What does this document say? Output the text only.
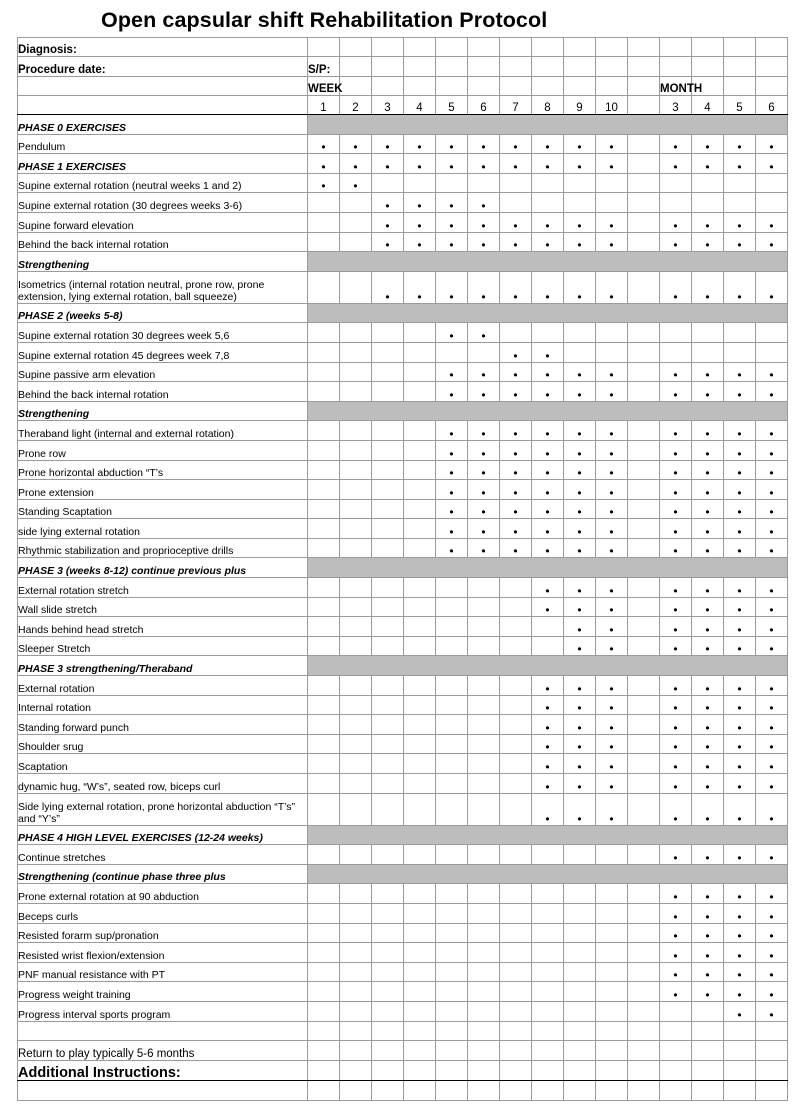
Open capsular shift Rehabilitation Protocol
Diagnosis:															
Procedure date:	S/P:														
	WEEK											MONTH			
	1	2	3	4	5	6	7	8	9	10		3	4	5	6
PHASE 0 EXERCISES															
Pendulum	•	•	•	•	•	•	•	•	•	•		•	•	•	•
PHASE 1 EXERCISES	•	•	•	•	•	•	•	•	•	•		•	•	•	•
Supine external rotation (neutral weeks 1 and 2)	•	•													
Supine external rotation (30 degrees weeks 3-6)			•	•	•	•									
Supine forward elevation			•	•	•	•	•	•	•	•		•	•	•	•
Behind the back internal rotation			•	•	•	•	•	•	•	•		•	•	•	•
Strengthening															
Isometrics (internal rotation neutral, prone row, prone extension, lying external rotation, ball squeeze)			•	•	•	•	•	•	•	•		•	•	•	•
PHASE 2 (weeks 5-8)															
Supine external rotation 30 degrees week 5,6					•	•									
Supine external rotation 45 degrees week 7,8							•	•							
Supine passive arm elevation					•	•	•	•	•	•		•	•	•	•
Behind the back internal rotation					•	•	•	•	•	•		•	•	•	•
Strengthening															
Theraband light (internal and external rotation)					•	•	•	•	•	•		•	•	•	•
Prone row					•	•	•	•	•	•		•	•	•	•
Prone horizontal abduction “T’s					•	•	•	•	•	•		•	•	•	•
Prone extension					•	•	•	•	•	•		•	•	•	•
Standing Scaptation					•	•	•	•	•	•		•	•	•	•
side lying external rotation					•	•	•	•	•	•		•	•	•	•
Rhythmic stabilization and proprioceptive drills					•	•	•	•	•	•		•	•	•	•
PHASE 3 (weeks 8-12) continue previous plus															
External rotation stretch								•	•	•		•	•	•	•
Wall slide stretch								•	•	•		•	•	•	•
Hands behind head stretch									•	•		•	•	•	•
Sleeper Stretch									•	•		•	•	•	•
PHASE 3 strengthening/Theraband															
External rotation								•	•	•		•	•	•	•
Internal rotation								•	•	•		•	•	•	•
Standing forward punch								•	•	•		•	•	•	•
Shoulder srug								•	•	•		•	•	•	•
Scaptation								•	•	•		•	•	•	•
dynamic hug, “W’s”, seated row, biceps curl								•	•	•		•	•	•	•
Side lying external rotation, prone horizontal abduction “T’s” and “Y’s”								•	•	•		•	•	•	•
PHASE 4 HIGH LEVEL EXERCISES (12-24 weeks)															
Continue stretches												•	•	•	•
Strengthening (continue phase three plus															
Prone external rotation at 90 abduction												•	•	•	•
Beceps curls												•	•	•	•
Resisted forarm sup/pronation												•	•	•	•
Resisted wrist flexion/extension												•	•	•	•
PNF manual resistance with PT												•	•	•	•
Progress weight training												•	•	•	•
Progress interval sports program														•	•

Return to play typically 5-6 months															
Additional Instructions:															
